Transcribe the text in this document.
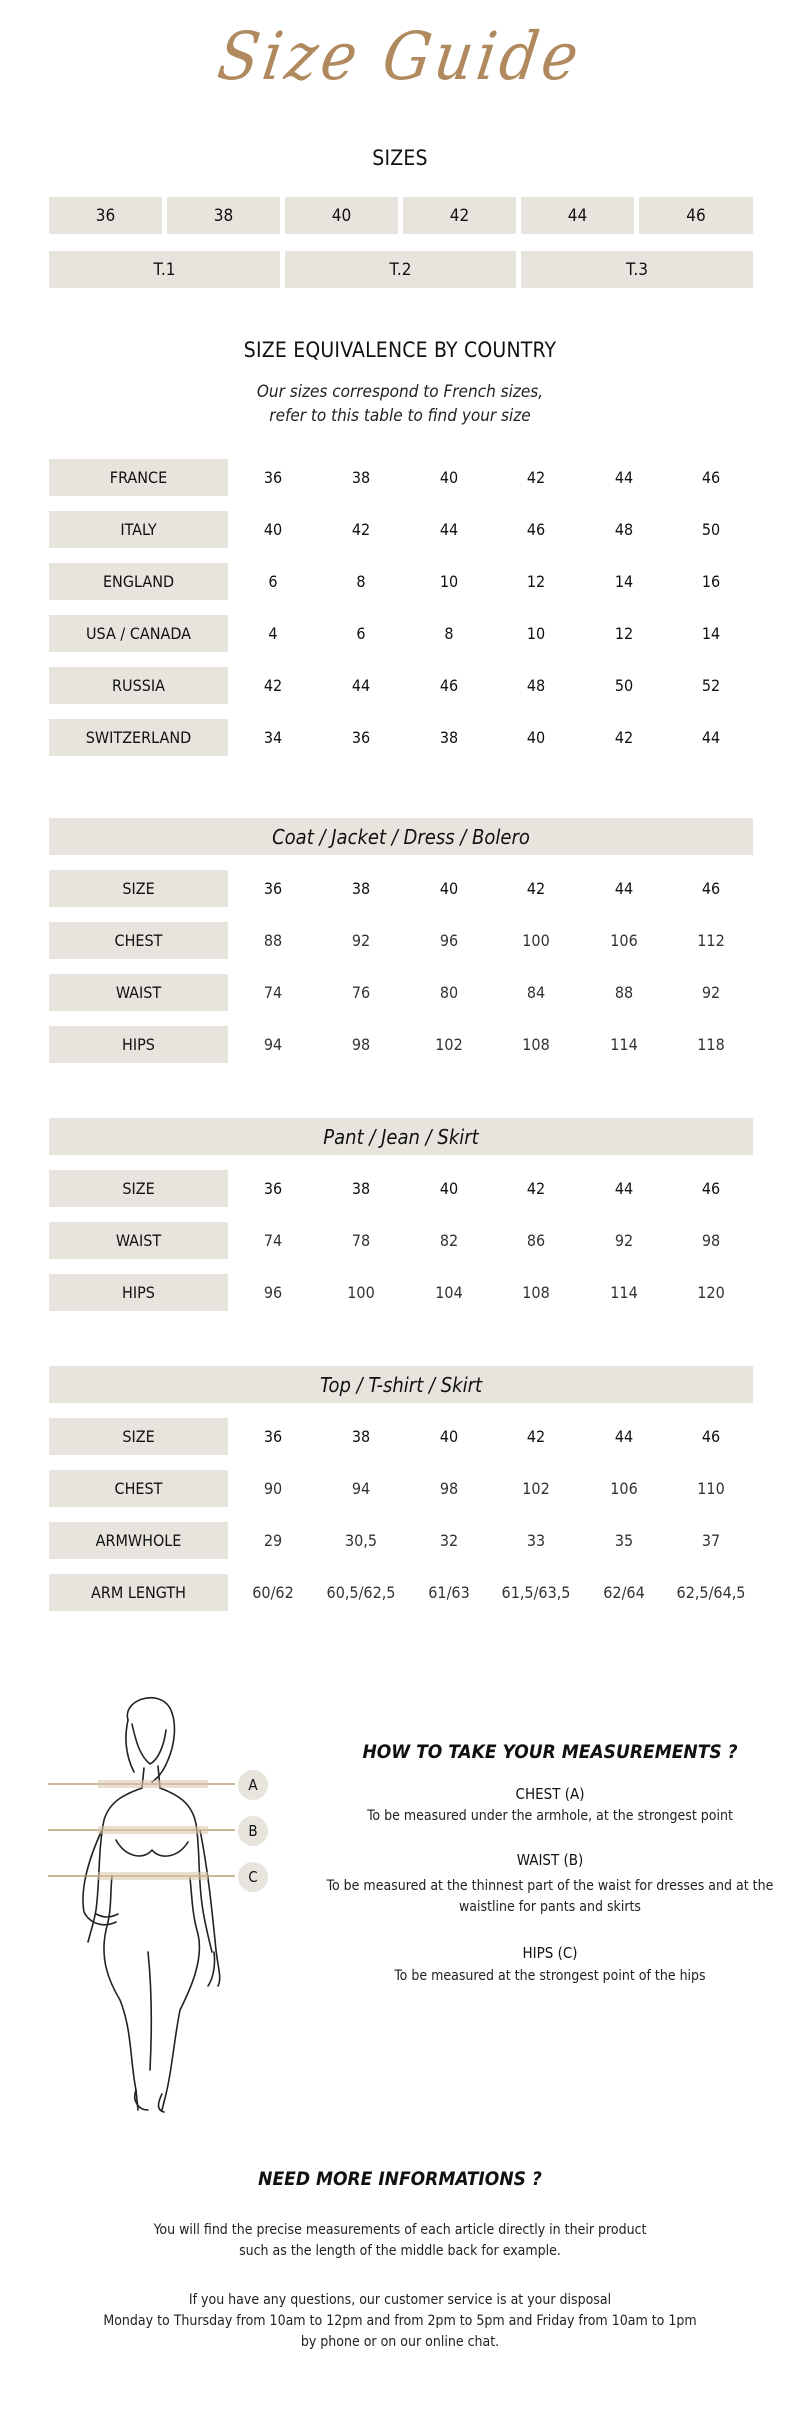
Size Guide
SIZES
36	38	40	42	44	46
T.1	T.2	T.3
SIZE EQUIVALENCE BY COUNTRY
Our sizes correspond to French sizes,
refer to this table to find your size
FRANCE	36	38	40	42	44	46
ITALY	40	42	44	46	48	50
ENGLAND	6	8	10	12	14	16
USA / CANADA	4	6	8	10	12	14
RUSSIA	42	44	46	48	50	52
SWITZERLAND	34	36	38	40	42	44
Coat / Jacket / Dress / Bolero
SIZE	36	38	40	42	44	46
CHEST	88	92	96	100	106	112
WAIST	74	76	80	84	88	92
HIPS	94	98	102	108	114	118
Pant / Jean / Skirt
SIZE	36	38	40	42	44	46
WAIST	74	78	82	86	92	98
HIPS	96	100	104	108	114	120
Top / T-shirt / Skirt
SIZE	36	38	40	42	44	46
CHEST	90	94	98	102	106	110
ARMWHOLE	29	30,5	32	33	35	37
ARM LENGTH	60/62	60,5/62,5	61/63	61,5/63,5	62/64	62,5/64,5
A
B
C
HOW TO TAKE YOUR MEASUREMENTS ?
CHEST (A)
To be measured under the armhole, at the strongest point
WAIST (B)
To be measured at the thinnest part of the waist for dresses and at the
waistline for pants and skirts
HIPS (C)
To be measured at the strongest point of the hips
NEED MORE INFORMATIONS ?
You will find the precise measurements of each article directly in their product
such as the length of the middle back for example.
If you have any questions, our customer service is at your disposal
Monday to Thursday from 10am to 12pm and from 2pm to 5pm and Friday from 10am to 1pm
by phone or on our online chat.
